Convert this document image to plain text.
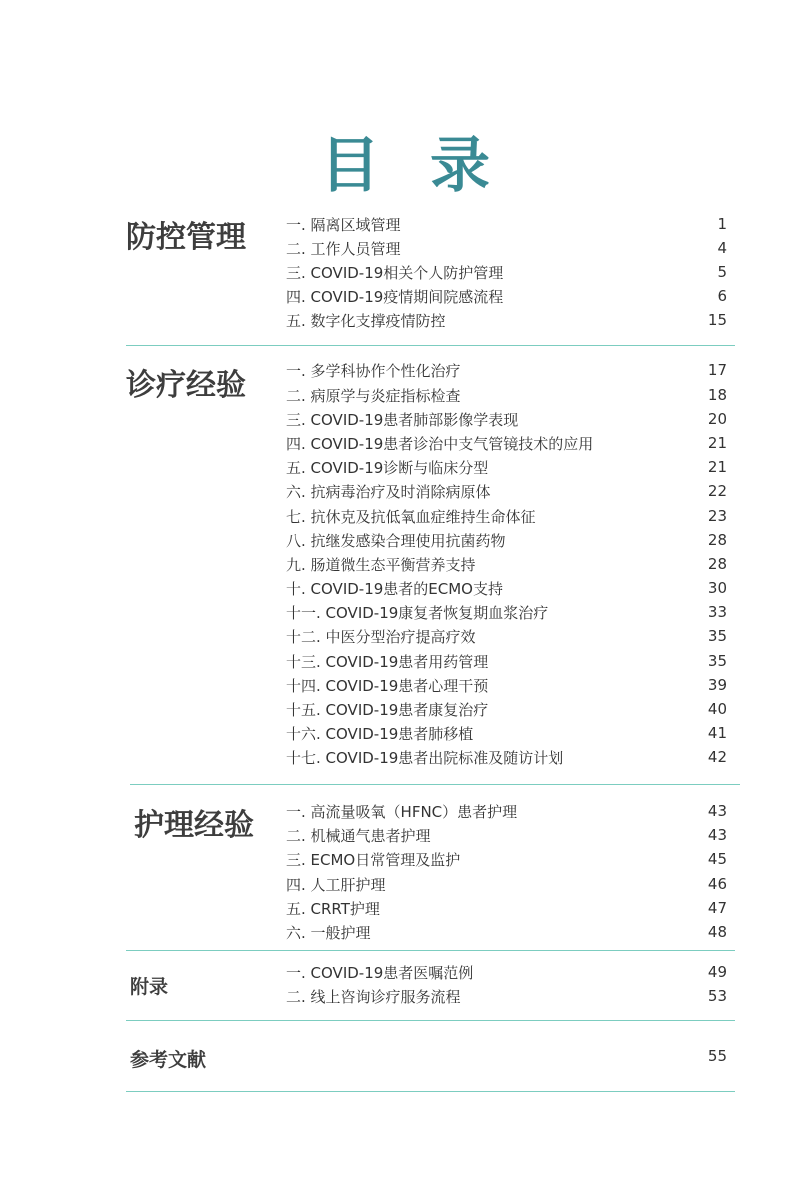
目 录
防控管理	一. 隔离区域管理	1
二. 工作人员管理	4
三. COVID-19相关个人防护管理	5
四. COVID-19疫情期间院感流程	6
五. 数字化支撑疫情防控	15
诊疗经验	一. 多学科协作个性化治疗	17
二. 病原学与炎症指标检查	18
三. COVID-19患者肺部影像学表现	20
四. COVID-19患者诊治中支气管镜技术的应用	21
五. COVID-19诊断与临床分型	21
六. 抗病毒治疗及时消除病原体	22
七. 抗休克及抗低氧血症维持生命体征	23
八. 抗继发感染合理使用抗菌药物	28
九. 肠道微生态平衡营养支持	28
十. COVID-19患者的ECMO支持	30
十一. COVID-19康复者恢复期血浆治疗	33
十二. 中医分型治疗提高疗效	35
十三. COVID-19患者用药管理	35
十四. COVID-19患者心理干预	39
十五. COVID-19患者康复治疗	40
十六. COVID-19患者肺移植	41
十七. COVID-19患者出院标准及随访计划	42
护理经验 一. 高流量吸氧（HFNC）患者护理	43
二. 机械通气患者护理	43
三. ECMO日常管理及监护	45
四. 人工肝护理	46
五. CRRT护理	47
六. 一般护理	48
附录
一. COVID-19患者医嘱范例	49
二. 线上咨询诊疗服务流程	53
参考文献	55
